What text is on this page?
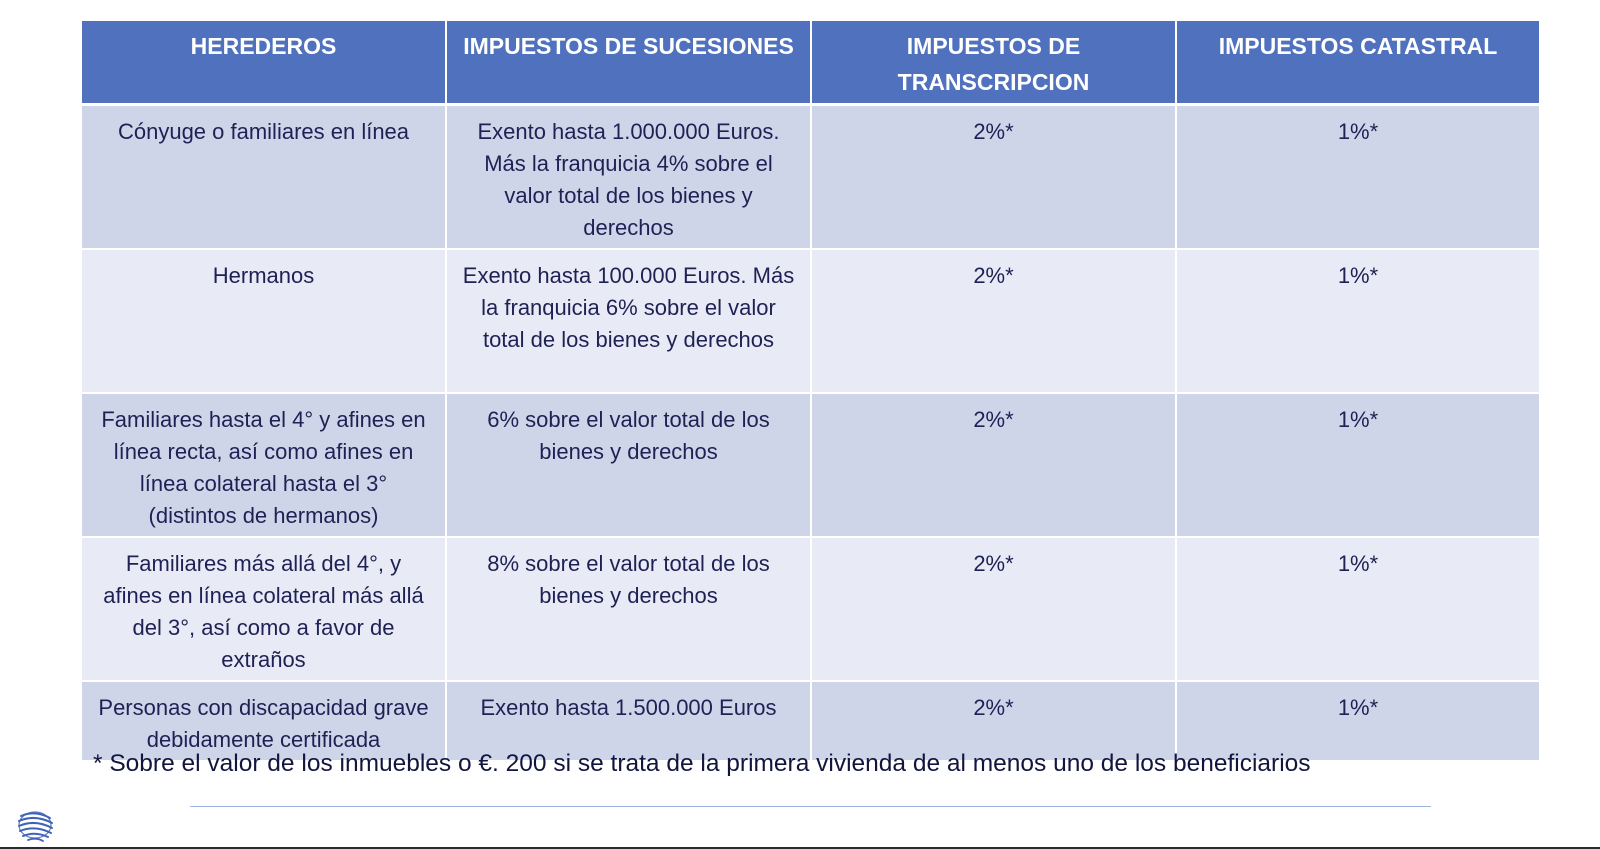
HEREDEROS	IMPUESTOS DE SUCESIONES	IMPUESTOS DE TRANSCRIPCION	IMPUESTOS CATASTRAL
Cónyuge o familiares en línea	Exento hasta 1.000.000 Euros. Más la franquicia 4% sobre el valor total de los bienes y derechos	2%*	1%*
Hermanos	Exento hasta 100.000 Euros. Más la franquicia 6% sobre el valor total de los bienes y derechos	2%*	1%*
Familiares hasta el 4° y afines en línea recta, así como afines en línea colateral hasta el 3° (distintos de hermanos)	6% sobre el valor total de los bienes y derechos	2%*	1%*
Familiares más allá del 4°, y afines en línea colateral más allá del 3°, así como a favor de extraños	8% sobre el valor total de los bienes y derechos	2%*	1%*
Personas con discapacidad grave debidamente certificada	Exento hasta 1.500.000 Euros	2%*	1%*
* Sobre el valor de los inmuebles o €. 200 si se trata de la primera vivienda de al menos uno de los beneficiarios
